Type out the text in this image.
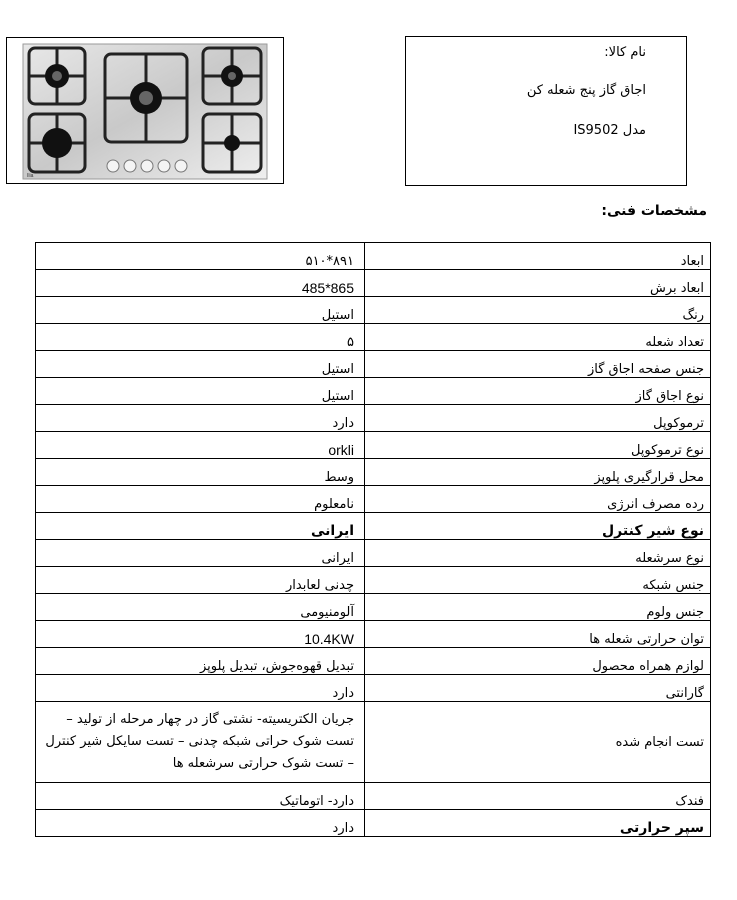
Ilia
نام کالا:
اجاق گاز پنج شعله کن
مدل IS9502
مشخصات فنی:
ابعاد	۸۹۱*۵۱۰
ابعاد برش	865*485
رنگ	استیل
تعداد شعله	۵
جنس صفحه اجاق گاز	استیل
نوع اجاق گاز	استیل
ترموکوپل	دارد
نوع ترموکوپل	orkli
محل قرارگیری پلوپز	وسط
رده مصرف انرژی	نامعلوم
نوع شیر کنترل	ایرانی
نوع سرشعله	ایرانی
جنس شبکه	چدنی لعابدار
جنس ولوم	آلومنیومی
توان حرارتی شعله ها	10.4KW
لوازم همراه محصول	تبدیل قهوه‌جوش، تبدیل پلوپز
گارانتی	دارد
تست انجام شده	جریان الکتریسیته- نشتی گاز در چهار مرحله از تولید – تست شوک حراتی شبکه چدنی – تست سایکل شیر کنترل – تست شوک حرارتی سرشعله ها
فندک	دارد- اتوماتیک
سپر حرارتی	دارد
